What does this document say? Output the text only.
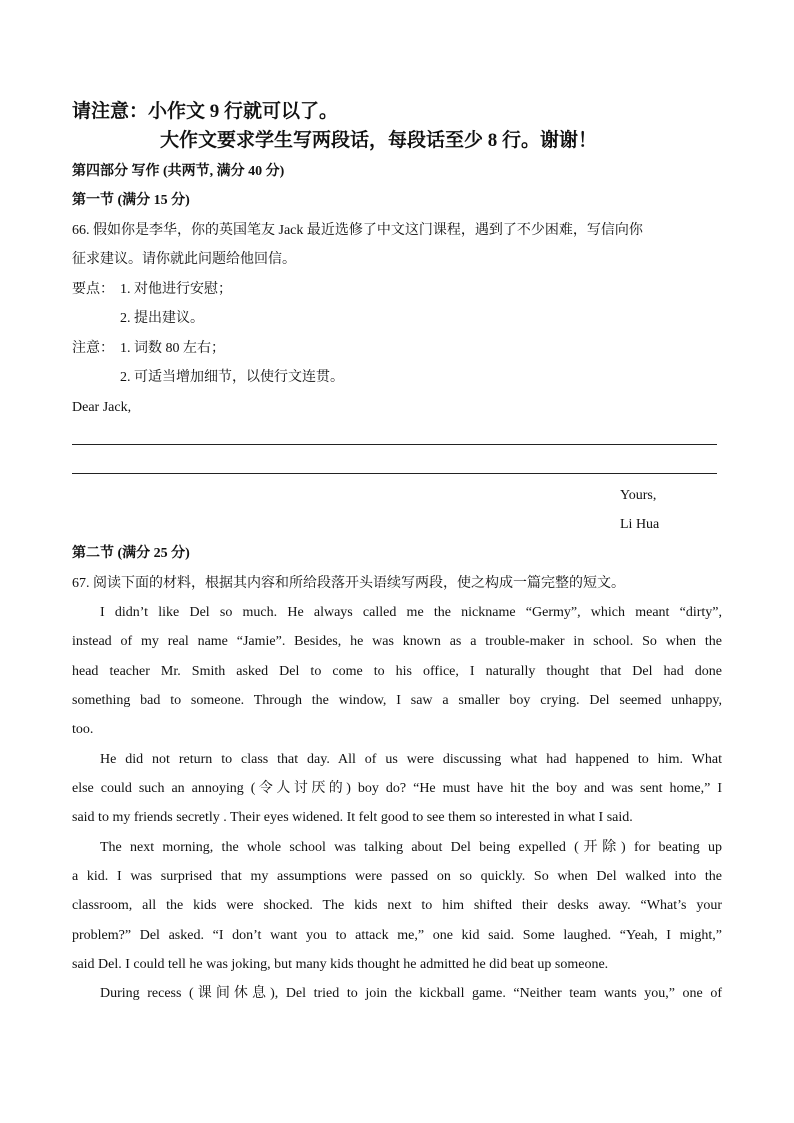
请注意：小作文 9 行就可以了。
大作文要求学生写两段话，每段话至少 8 行。谢谢！
第四部分 写作 (共两节, 满分 40 分)
第一节 (满分 15 分)
66. 假如你是李华，你的英国笔友 Jack 最近选修了中文这门课程，遇到了不少困难，写信向你
征求建议。请你就此问题给他回信。
要点： 1. 对他进行安慰；
2. 提出建议。
注意： 1. 词数 80 左右；
2. 可适当增加细节，以使行文连贯。
Dear Jack,
Yours,
Li Hua
第二节 (满分 25 分)
67. 阅读下面的材料，根据其内容和所给段落开头语续写两段，使之构成一篇完整的短文。
I didn’t like Del so much. He always called me the nickname “Germy”, which meant “dirty”,
instead of my real name “Jamie”. Besides, he was known as a trouble-maker in school. So when the
head teacher Mr. Smith asked Del to come to his office, I naturally thought that Del had done
something bad to someone. Through the window, I saw a smaller boy crying. Del seemed unhappy,
too.
He did not return to class that day. All of us were discussing what had happened to him. What
else could such an annoying (令人讨厌的) boy do? “He must have hit the boy and was sent home,” I
said to my friends secretly . Their eyes widened. It felt good to see them so interested in what I said.
The next morning, the whole school was talking about Del being expelled (开除) for beating up
a kid. I was surprised that my assumptions were passed on so quickly. So when Del walked into the
classroom, all the kids were shocked. The kids next to him shifted their desks away. “What’s your
problem?” Del asked. “I don’t want you to attack me,” one kid said. Some laughed. “Yeah, I might,”
said Del. I could tell he was joking, but many kids thought he admitted he did beat up someone.
During recess (课间休息), Del tried to join the kickball game. “Neither team wants you,” one of
